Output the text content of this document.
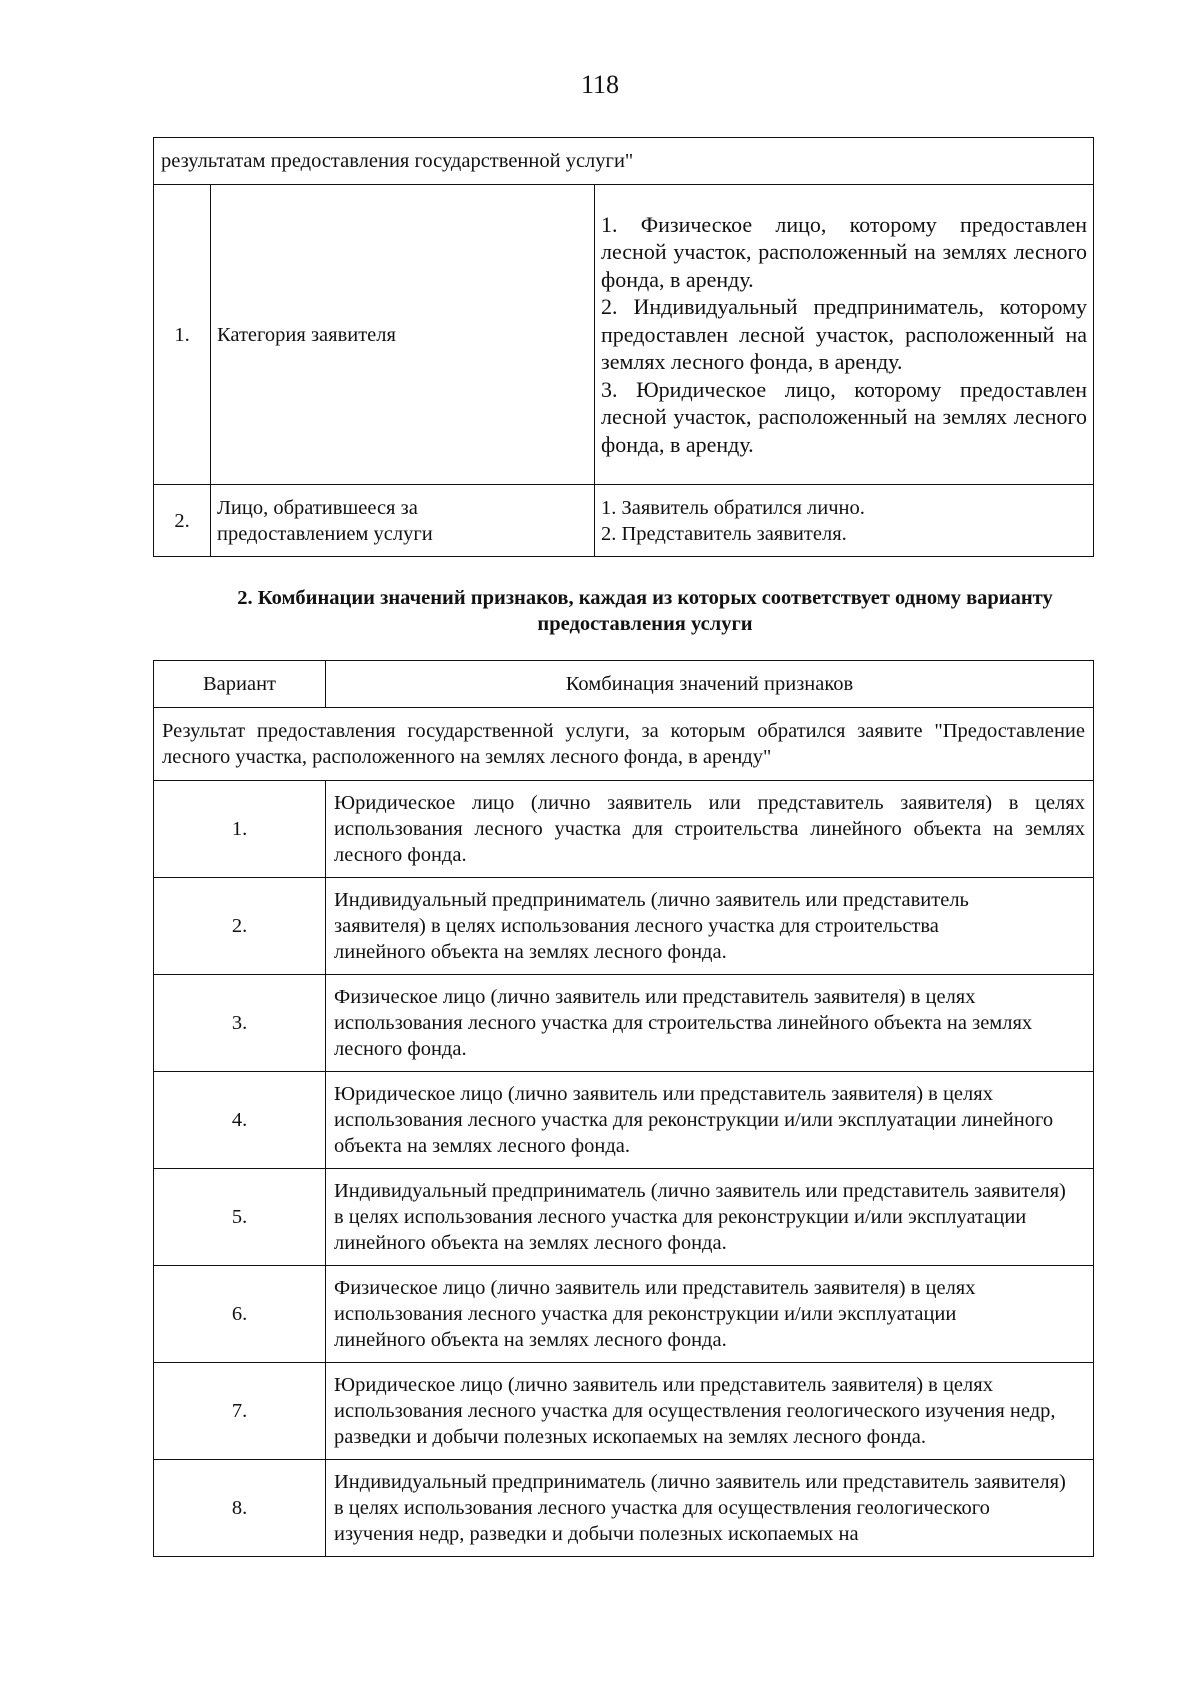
118
результатам предоставления государственной услуги"		
1.	Категория заявителя	1. Физическое лицо, которому предоставлен лесной участок, расположенный на землях лесного фонда, в аренду.
2. Индивидуальный предприниматель, которому предоставлен лесной участок, расположенный на землях лесного фонда, в аренду.
3. Юридическое лицо, которому предоставлен лесной участок, расположенный на землях лесного фонда, в аренду.

2.	Лицо, обратившееся за предоставлением услуги	1. Заявитель обратился лично.
2. Представитель заявителя.
2. Комбинации значений признаков, каждая из которых соответствует одному варианту предоставления услуги
Вариант	Комбинация значений признаков
Результат предоставления государственной услуги, за которым обратился заявите "Предоставление лесного участка, расположенного на землях лесного фонда, в аренду"	
1.	Юридическое лицо (лично заявитель или представитель заявителя) в целях использования лесного участка для строительства линейного объекта на землях лесного фонда.
2.	Индивидуальный предприниматель (лично заявитель или представитель заявителя) в целях использования лесного участка для строительства линейного объекта на землях лесного фонда.
3.	Физическое лицо (лично заявитель или представитель заявителя) в целях использования лесного участка для строительства линейного объекта на землях лесного фонда.
4.	Юридическое лицо (лично заявитель или представитель заявителя) в целях использования лесного участка для реконструкции и/или эксплуатации линейного объекта на землях лесного фонда.
5.	Индивидуальный предприниматель (лично заявитель или представитель заявителя) в целях использования лесного участка для реконструкции и/или эксплуатации линейного объекта на землях лесного фонда.
6.	Физическое лицо (лично заявитель или представитель заявителя) в целях использования лесного участка для реконструкции и/или эксплуатации линейного объекта на землях лесного фонда.
7.	Юридическое лицо (лично заявитель или представитель заявителя) в целях использования лесного участка для осуществления геологического изучения недр, разведки и добычи полезных ископаемых на землях лесного фонда.
8.	Индивидуальный предприниматель (лично заявитель или представитель заявителя) в целях использования лесного участка для осуществления геологического изучения недр, разведки и добычи полезных ископаемых на
